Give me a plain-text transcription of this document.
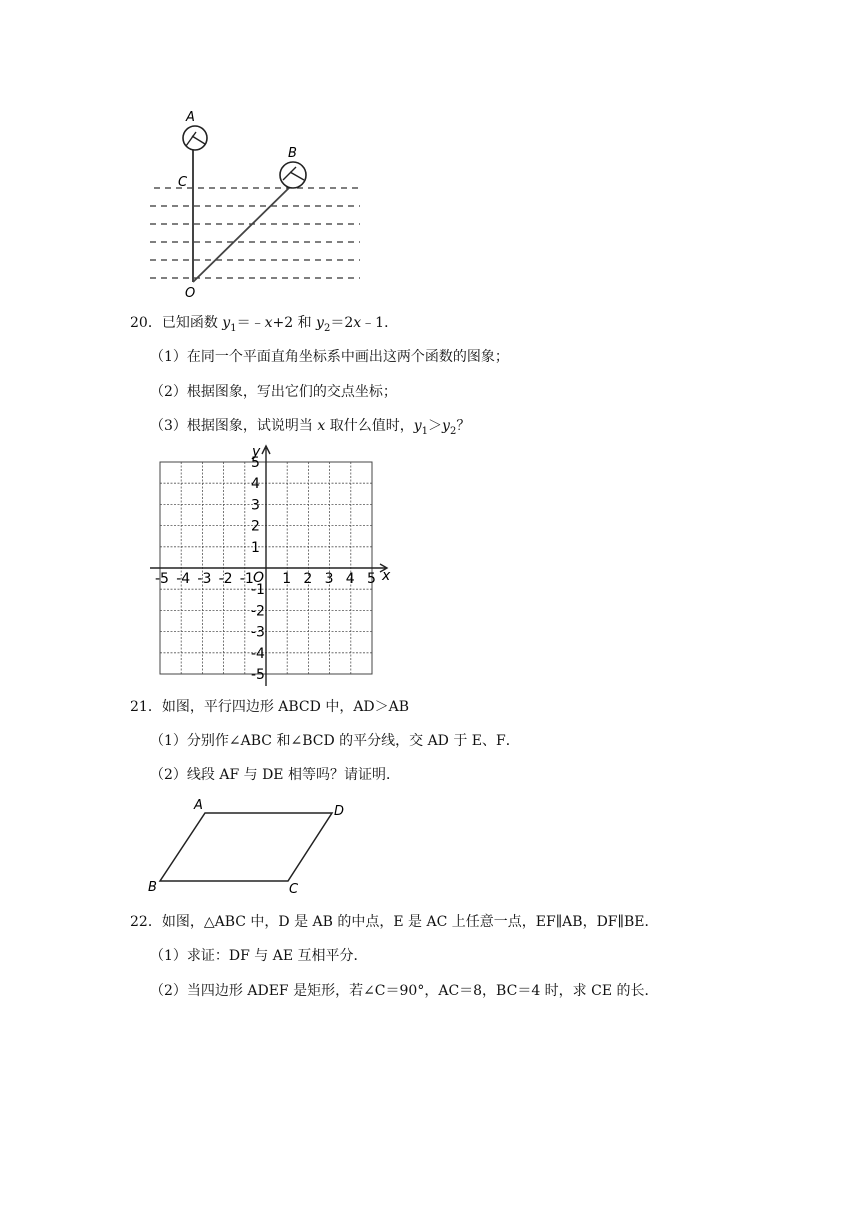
A
B
C
O
20．已知函数 $y_1=﹣x+2$ 和 $y_2=2x﹣1$．
（1）在同一个平面直角坐标系中画出这两个函数的图象；
（2）根据图象，写出它们的交点坐标；
（3）根据图象，试说明当 x 取什么值时，$y_1>y_2$？
x
y
O
-5 -4 -3 -2 -1 1 2 3 4 5
5
4
3
2
1
-1
-2
-3
-4
-5
21．如图，平行四边形 ABCD 中，AD＞AB
（1）分别作∠ABC 和∠BCD 的平分线，交 AD 于 E、F．
（2）线段 AF 与 DE 相等吗？请证明．
A	D
B	C
22．如图，△ABC 中，D 是 AB 的中点，E 是 AC 上任意一点，EF∥AB，DF∥BE．
（1）求证：DF 与 AE 互相平分．
（2）当四边形 ADEF 是矩形，若∠C＝90°，AC＝8，BC＝4 时，求 CE 的长．
